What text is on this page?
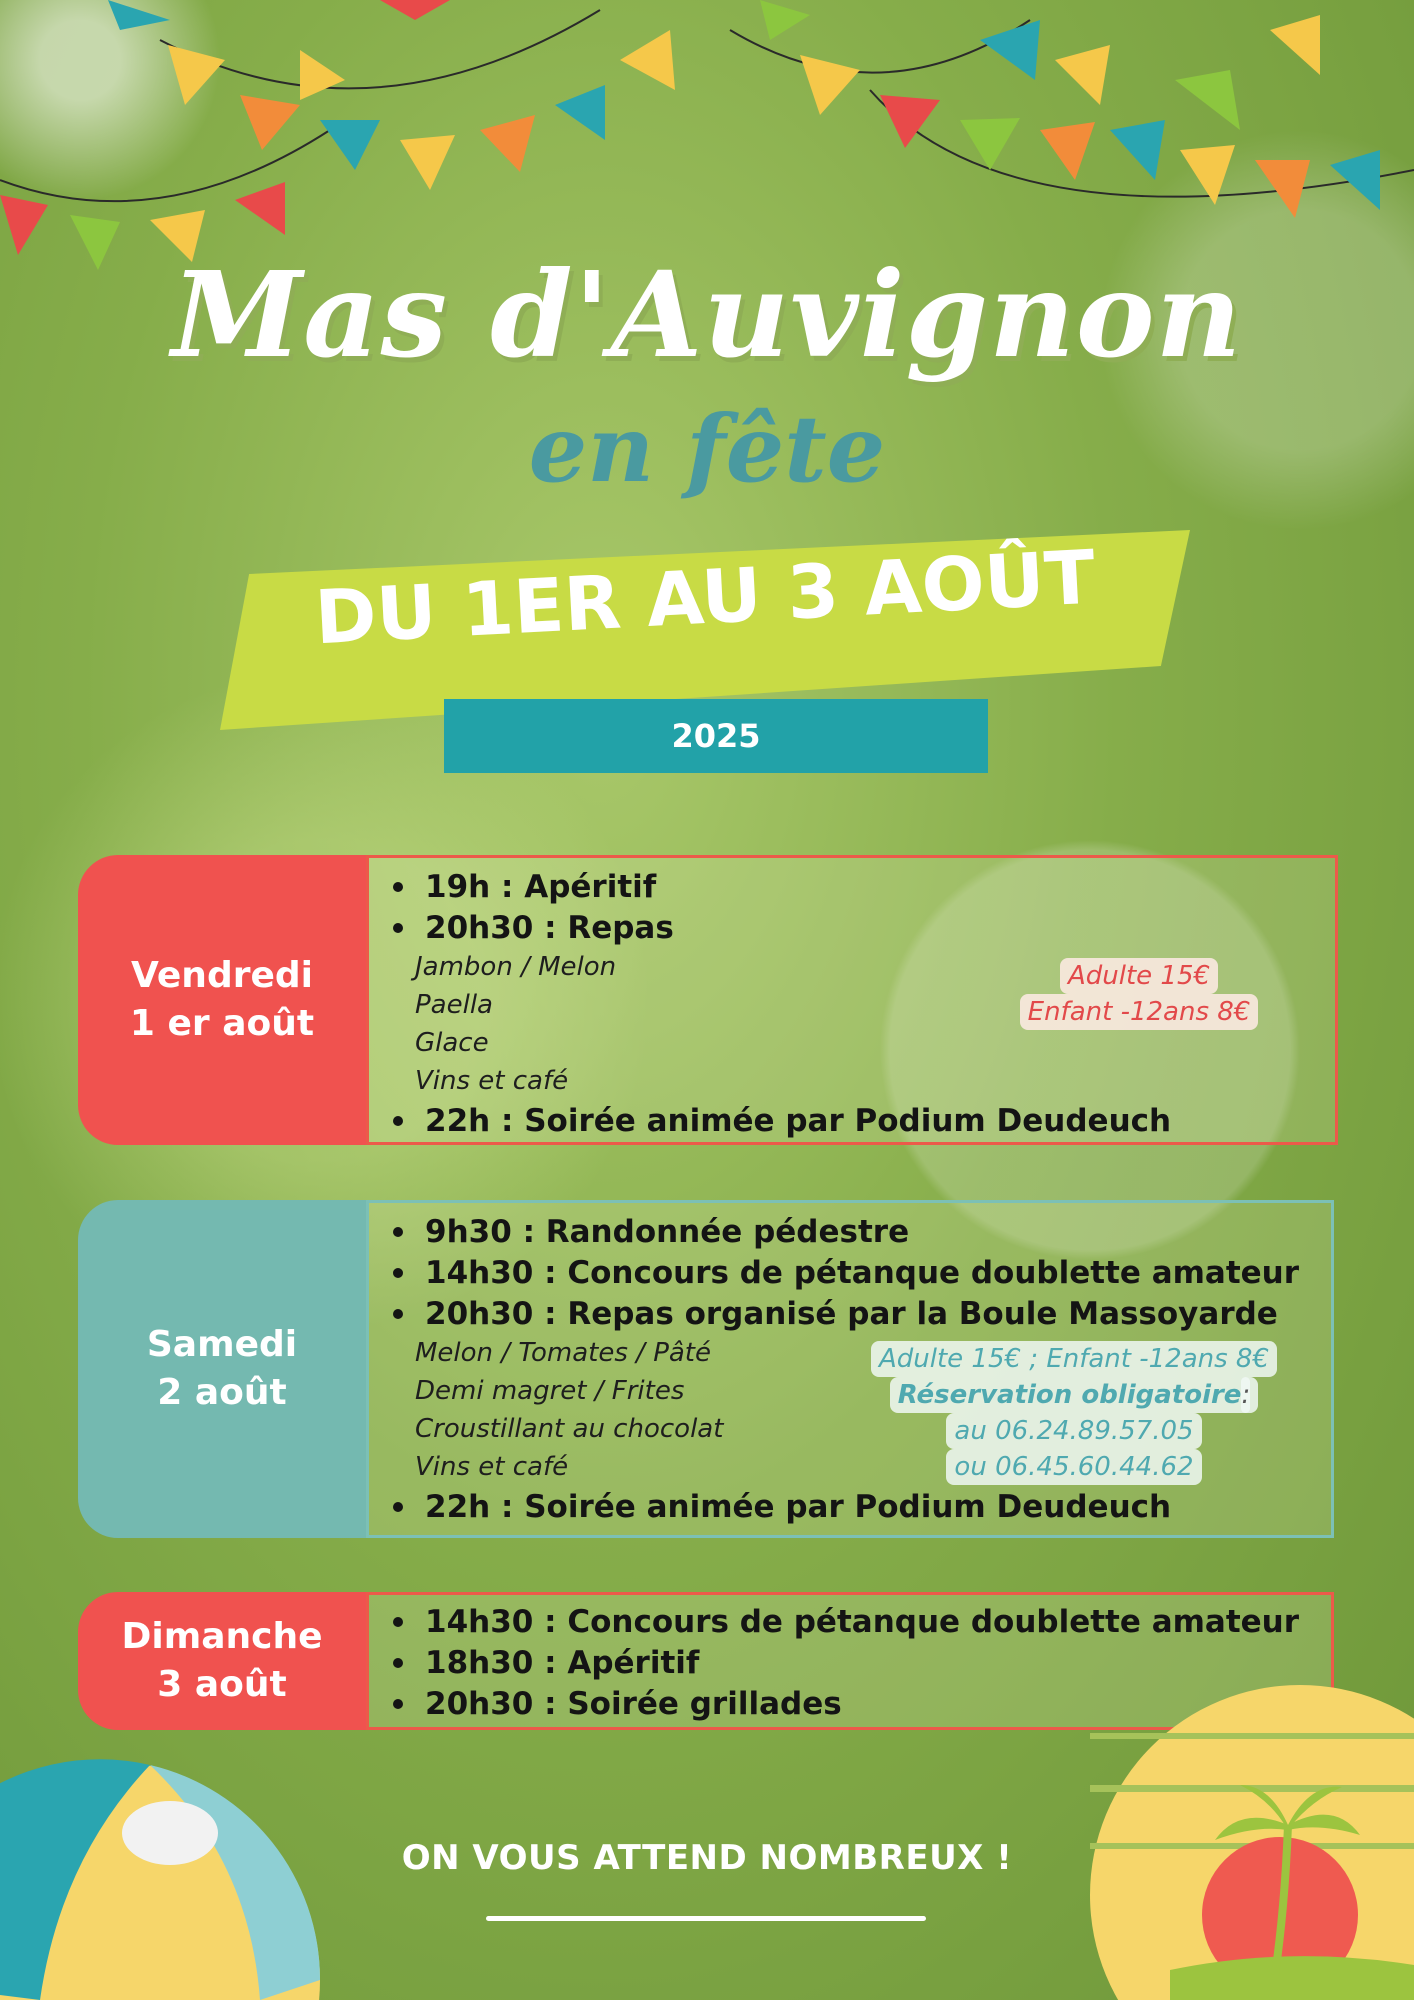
Mas d'Auvignon
en fête
DU 1ER AU 3 AOÛT
2025
Vendredi
1 er août
19h :
Apéritif
20h30 :
Repas
Jambon / Melon
Paella
Glace
Vins et café
22h :
Soirée animée par Podium Deudeuch
Adulte 15€
Enfant -12ans 8€
Samedi
2 août
9h30 :
Randonnée pédestre
14h30 :
Concours de pétanque doublette amateur
20h30 :
Repas organisé par la Boule Massoyarde
Melon / Tomates / Pâté
Demi magret / Frites
Croustillant au chocolat
Vins et café
22h :
Soirée animée par Podium Deudeuch
Adulte 15€ ; Enfant -12ans 8€
Réservation obligatoire:
au 06.24.89.57.05
ou 06.45.60.44.62
Dimanche
3 août
14h30 :
Concours de pétanque doublette amateur
18h30 :
Apéritif
20h30 :
Soirée grillades
ON VOUS ATTEND NOMBREUX !
